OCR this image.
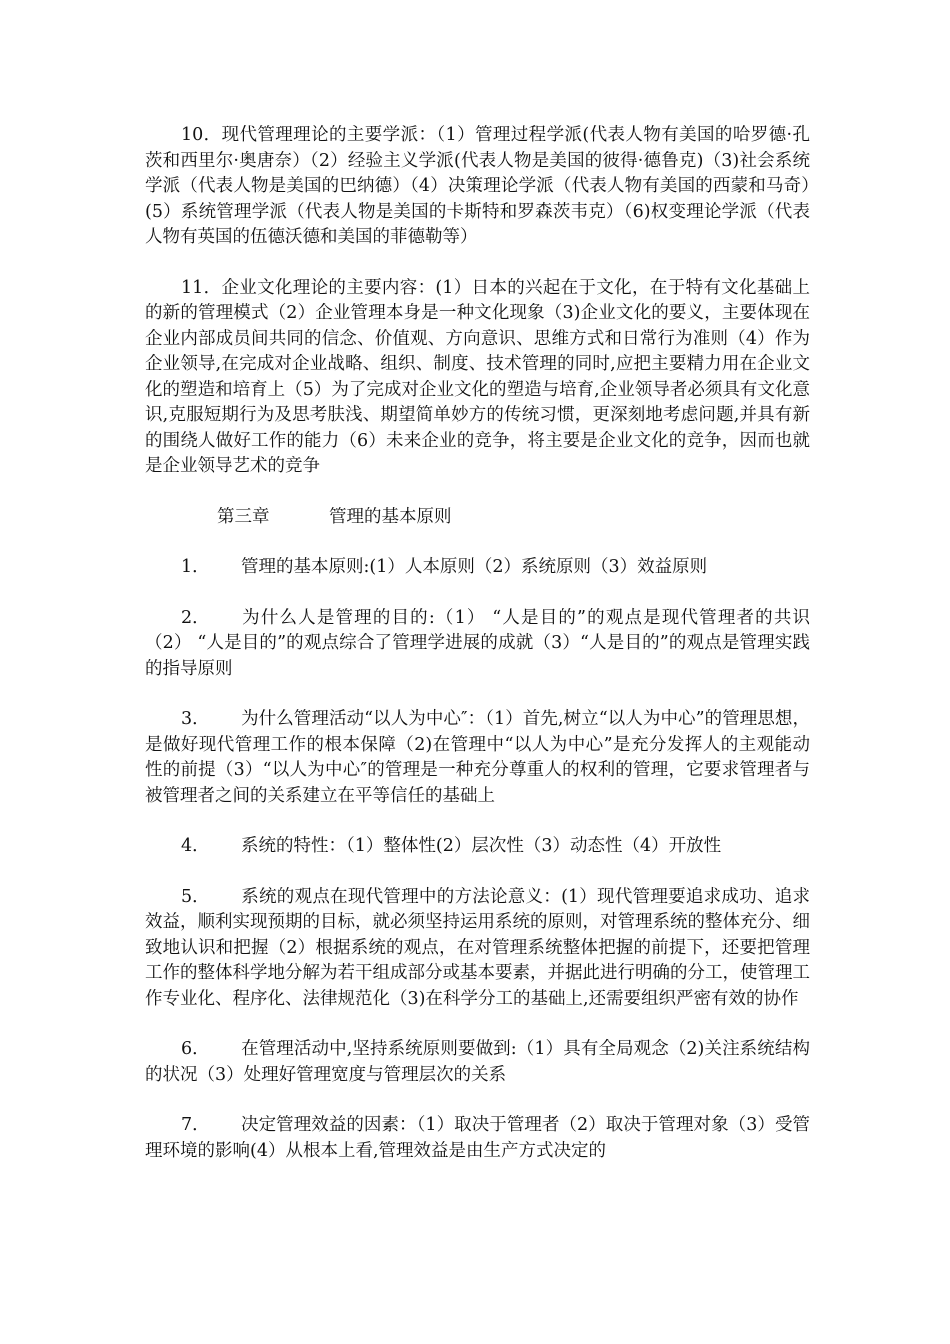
10．现代管理理论的主要学派：（1）管理过程学派(代表人物有美国的哈罗德·孔茨和西里尔·奥唐奈）（2）经验主义学派(代表人物是美国的彼得·德鲁克)（3)社会系统学派（代表人物是美国的巴纳德）（4）决策理论学派（代表人物有美国的西蒙和马奇）(5）系统管理学派（代表人物是美国的卡斯特和罗森茨韦克）（6)权变理论学派（代表人物有英国的伍德沃德和美国的菲德勒等）

11．企业文化理论的主要内容：(1）日本的兴起在于文化，在于特有文化基础上的新的管理模式（2）企业管理本身是一种文化现象（3)企业文化的要义，主要体现在企业内部成员间共同的信念、价值观、方向意识、思维方式和日常行为准则（4）作为企业领导,在完成对企业战略、组织、制度、技术管理的同时,应把主要精力用在企业文化的塑造和培育上（5）为了完成对企业文化的塑造与培育,企业领导者必须具有文化意识,克服短期行为及思考肤浅、期望简单妙方的传统习惯，更深刻地考虑问题,并具有新的围绕人做好工作的能力（6）未来企业的竞争，将主要是企业文化的竞争，因而也就是企业领导艺术的竞争

第三章	管理的基本原则

1． 管理的基本原则:(1）人本原则（2）系统原则（3）效益原则

2． 为什么人是管理的目的:（1） “人是目的”的观点是现代管理者的共识（2） “人是目的”的观点综合了管理学进展的成就（3）“人是目的”的观点是管理实践的指导原则

3． 为什么管理活动“以人为中心″：（1）首先,树立“以人为中心”的管理思想，是做好现代管理工作的根本保障（2)在管理中“以人为中心”是充分发挥人的主观能动性的前提（3）“以人为中心″的管理是一种充分尊重人的权利的管理，它要求管理者与被管理者之间的关系建立在平等信任的基础上

4． 系统的特性：（1）整体性(2）层次性（3）动态性（4）开放性

5． 系统的观点在现代管理中的方法论意义：(1）现代管理要追求成功、追求效益，顺利实现预期的目标，就必须坚持运用系统的原则，对管理系统的整体充分、细致地认识和把握（2）根据系统的观点，在对管理系统整体把握的前提下，还要把管理工作的整体科学地分解为若干组成部分或基本要素，并据此进行明确的分工，使管理工作专业化、程序化、法律规范化（3)在科学分工的基础上,还需要组织严密有效的协作

6． 在管理活动中,坚持系统原则要做到:（1）具有全局观念（2)关注系统结构的状况（3）处理好管理宽度与管理层次的关系

7． 决定管理效益的因素：（1）取决于管理者（2）取决于管理对象（3）受管理环境的影响(4）从根本上看,管理效益是由生产方式决定的
